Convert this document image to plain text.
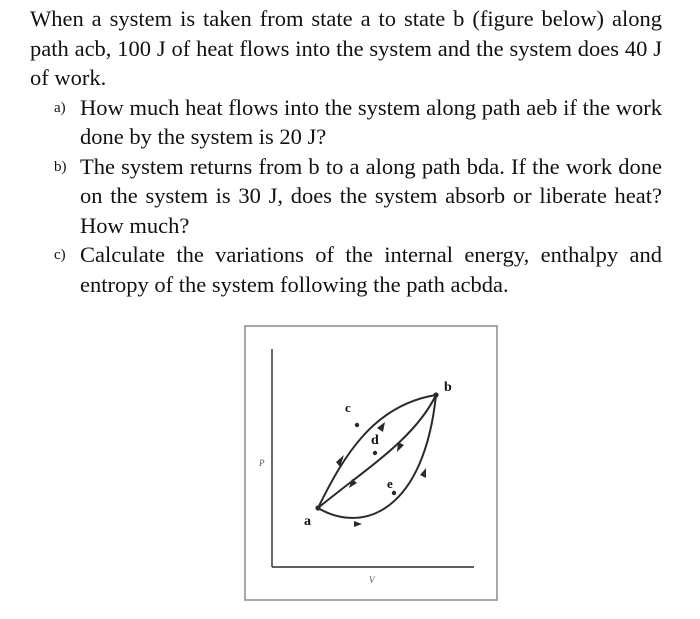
When a system is taken from state a to state b (figure below) along path acb, 100 J of heat flows into the system and the system does 40 J of work.

a) How much heat flows into the system along path aeb if the work done by the system is 20 J?
b) The system returns from b to a along path bda. If the work done on the system is 30 J, does the system absorb or liberate heat? How much?
c) Calculate the variations of the internal energy, enthalpy and entropy of the system following the path acbda.
P
V
a
b
c
d
e
